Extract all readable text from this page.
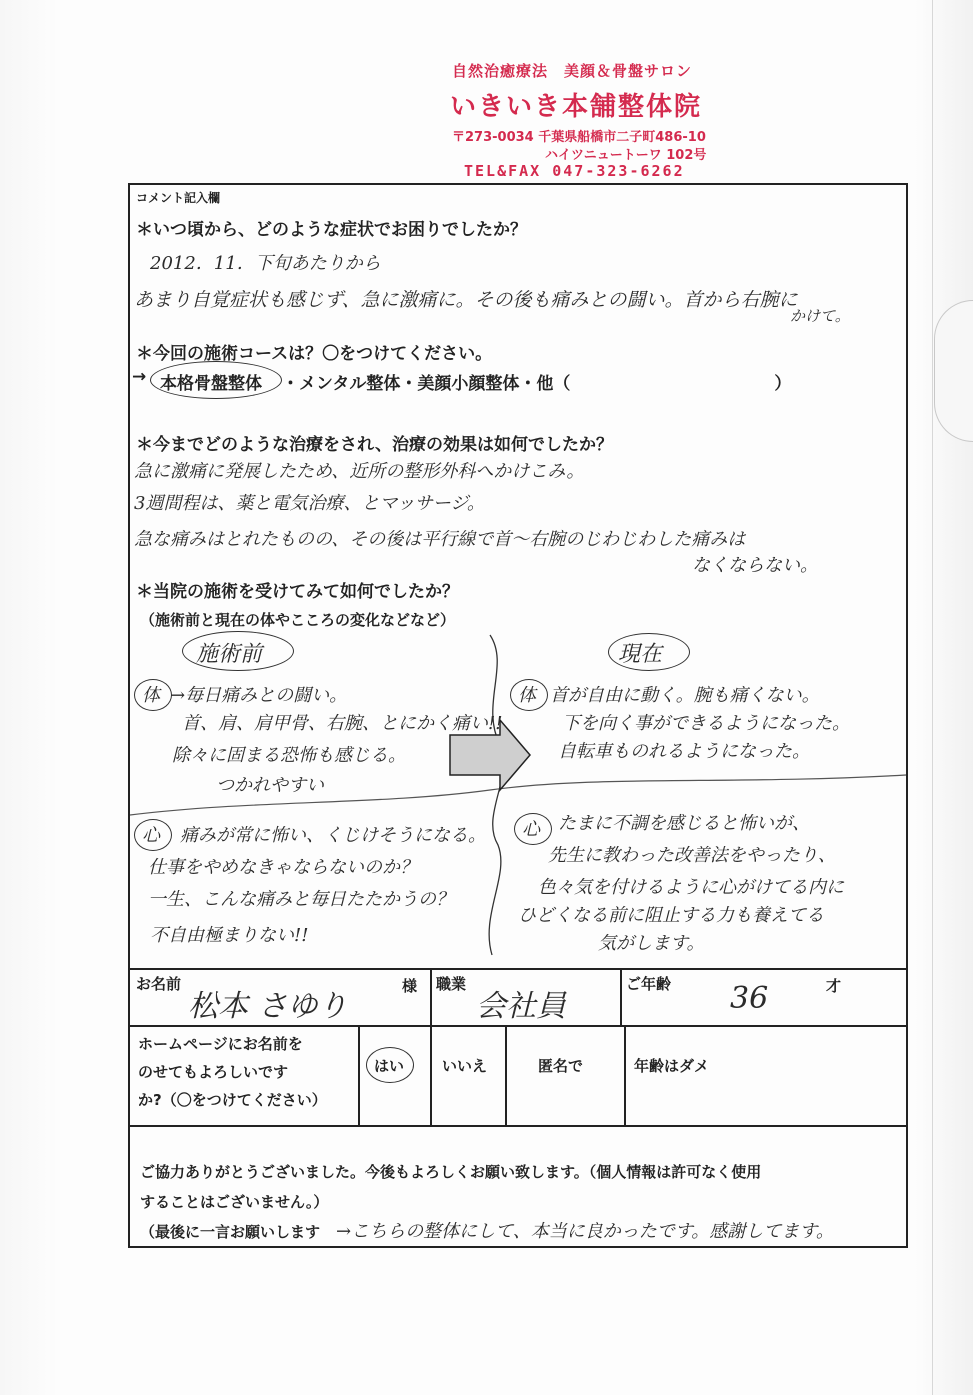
自然治癒療法　美顔＆骨盤サロン
いきいき本舗整体院
〒273-0034 千葉県船橋市二子町486-10
ハイツニュートーワ 102号
TEL&FAX 047-323-6262
コメント記入欄
＊いつ頃から、どのような症状でお困りでしたか？
2012．11．下旬あたりから
あまり自覚症状も感じず、急に激痛に。その後も痛みとの闘い。首から右腕に
かけて。
＊今回の施術コースは？〇をつけてください。
→ 本格骨盤整体 ・メンタル整体・美顔小顔整体・他（　　　　　　　　　　　　）
＊今までどのような治療をされ、治療の効果は如何でしたか？
急に激痛に発展したため、近所の整形外科へかけこみ。
3週間程は、薬と電気治療、とマッサージ。
急な痛みはとれたものの、その後は平行線で首～右腕のじわじわした痛みは
なくならない。
＊当院の施術を受けてみて如何でしたか？
（施術前と現在の体やこころの変化などなど）
施術前	現在
体 →毎日痛みとの闘い。
首、肩、肩甲骨、右腕、とにかく痛い!!
除々に固まる恐怖も感じる。
つかれやすい
体 首が自由に動く。腕も痛くない。
下を向く事ができるようになった。
自転車ものれるようになった。
心 痛みが常に怖い、くじけそうになる。
仕事をやめなきゃならないのか？
一生、こんな痛みと毎日たたかうの？
不自由極まりない!!
心 たまに不調を感じると怖いが、
先生に教わった改善法をやったり、
色々気を付けるように心がけてる内に
ひどくなる前に阻止する力も養えてる
気がします。
お名前
松本 さゆり
様 職業
会社員
ご年齢 36	才
ホームページにお名前を
のせてもよろしいです
か?（〇をつけてください）
はい	いいえ	匿名で	年齢はダメ
ご協力ありがとうございました。今後もよろしくお願い致します。（個人情報は許可なく使用
することはございません。）
（最後に一言お願いします →こちらの整体にして、本当に良かったです。感謝してます。
